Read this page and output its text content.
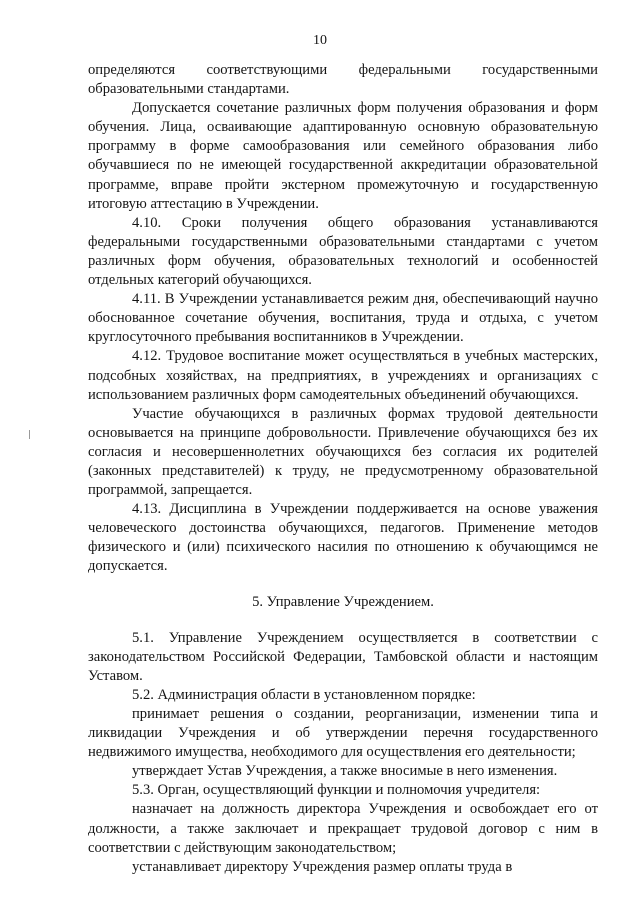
10

определяются соответствующими федеральными государственными образовательными стандартами.

Допускается сочетание различных форм получения образования и форм обучения. Лица, осваивающие адаптированную основную образовательную программу в форме самообразования или семейного образования либо обучавшиеся по не имеющей государственной аккредитации образовательной программе, вправе пройти экстерном промежуточную и государственную итоговую аттестацию в Учреждении.

4.10. Сроки получения общего образования устанавливаются федеральными государственными образовательными стандартами с учетом различных форм обучения, образовательных технологий и особенностей отдельных категорий обучающихся.

4.11. В Учреждении устанавливается режим дня, обеспечивающий научно обоснованное сочетание обучения, воспитания, труда и отдыха, с учетом круглосуточного пребывания воспитанников в Учреждении.

4.12. Трудовое воспитание может осуществляться в учебных мастерских, подсобных хозяйствах, на предприятиях, в учреждениях и организациях с использованием различных форм самодеятельных объединений обучающихся.

Участие обучающихся в различных формах трудовой деятельности основывается на принципе добровольности. Привлечение обучающихся без их согласия и несовершеннолетних обучающихся без согласия их родителей (законных представителей) к труду, не предусмотренному образовательной программой, запрещается.

4.13. Дисциплина в Учреждении поддерживается на основе уважения человеческого достоинства обучающихся, педагогов. Применение методов физического и (или) психического насилия по отношению к обучающимся не допускается.

5. Управление Учреждением.

5.1. Управление Учреждением осуществляется в соответствии с законодательством Российской Федерации, Тамбовской области и настоящим Уставом.

5.2. Администрация области в установленном порядке:

принимает решения о создании, реорганизации, изменении типа и ликвидации Учреждения и об утверждении перечня государственного недвижимого имущества, необходимого для осуществления его деятельности;

утверждает Устав Учреждения, а также вносимые в него изменения.

5.3. Орган, осуществляющий функции и полномочия учредителя:

назначает на должность директора Учреждения и освобождает его от должности, а также заключает и прекращает трудовой договор с ним в соответствии с действующим законодательством;

устанавливает директору Учреждения размер оплаты труда в
